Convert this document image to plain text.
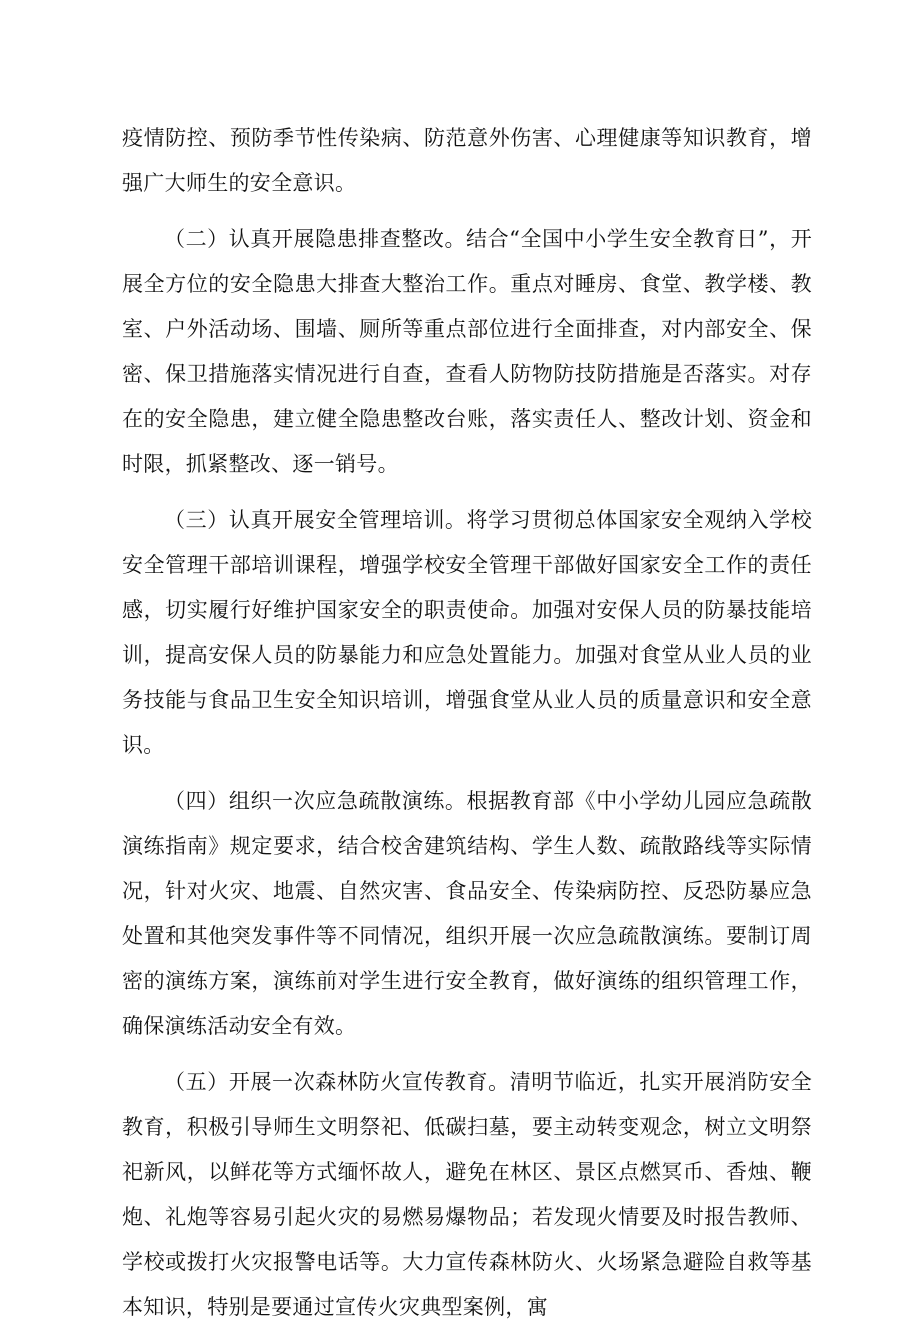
疫情防控、预防季节性传染病、防范意外伤害、心理健康等知识教育，增强广大师生的安全意识。

（二）认真开展隐患排查整改。结合“全国中小学生安全教育日”，开展全方位的安全隐患大排查大整治工作。重点对睡房、食堂、教学楼、教室、户外活动场、围墙、厕所等重点部位进行全面排查，对内部安全、保密、保卫措施落实情况进行自查，查看人防物防技防措施是否落实。对存在的安全隐患，建立健全隐患整改台账，落实责任人、整改计划、资金和时限，抓紧整改、逐一销号。

（三）认真开展安全管理培训。将学习贯彻总体国家安全观纳入学校安全管理干部培训课程，增强学校安全管理干部做好国家安全工作的责任感，切实履行好维护国家安全的职责使命。加强对安保人员的防暴技能培训，提高安保人员的防暴能力和应急处置能力。加强对食堂从业人员的业务技能与食品卫生安全知识培训，增强食堂从业人员的质量意识和安全意识。

（四）组织一次应急疏散演练。根据教育部《中小学幼儿园应急疏散演练指南》规定要求，结合校舍建筑结构、学生人数、疏散路线等实际情况，针对火灾、地震、自然灾害、食品安全、传染病防控、反恐防暴应急处置和其他突发事件等不同情况，组织开展一次应急疏散演练。要制订周密的演练方案，演练前对学生进行安全教育，做好演练的组织管理工作，确保演练活动安全有效。

（五）开展一次森林防火宣传教育。清明节临近，扎实开展消防安全教育，积极引导师生文明祭祀、低碳扫墓，要主动转变观念，树立文明祭祀新风，以鲜花等方式缅怀故人，避免在林区、景区点燃冥币、香烛、鞭炮、礼炮等容易引起火灾的易燃易爆物品；若发现火情要及时报告教师、学校或拨打火灾报警电话等。大力宣传森林防火、火场紧急避险自救等基本知识，特别是要通过宣传火灾典型案例，寓
